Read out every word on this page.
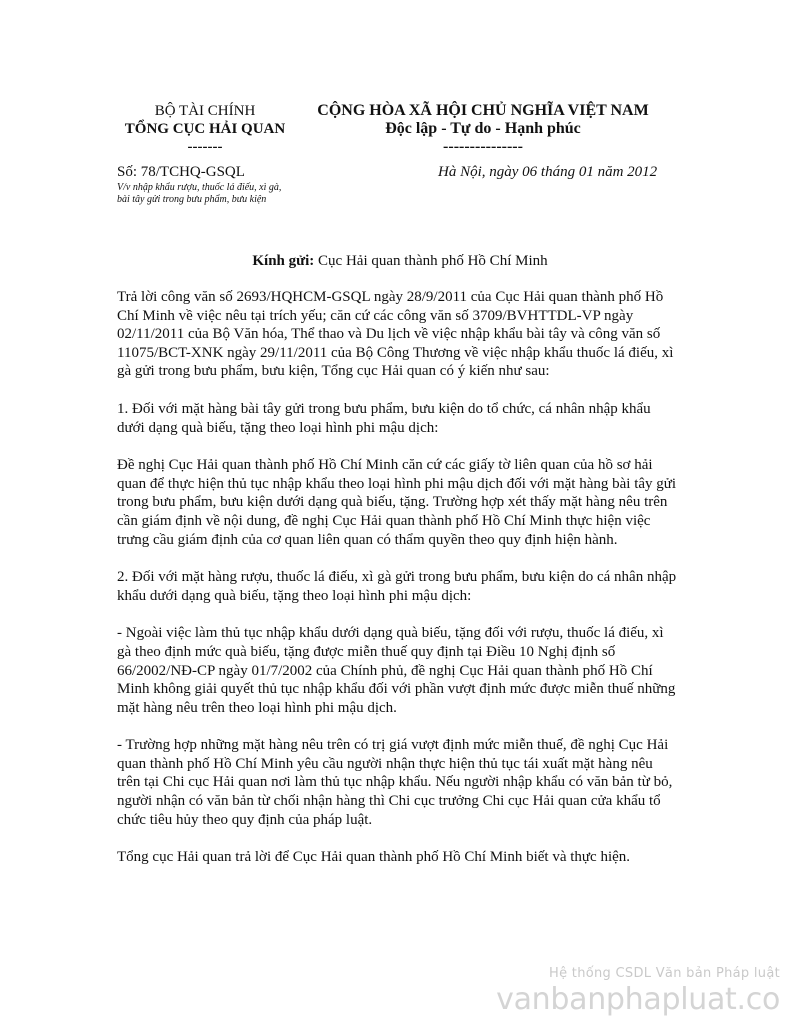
BỘ TÀI CHÍNH
TỔNG CỤC HẢI QUAN
-------
CỘNG HÒA XÃ HỘI CHỦ NGHĨA VIỆT NAM
Độc lập - Tự do - Hạnh phúc
---------------
Số: 78/TCHQ-GSQL
V/v nhập khẩu rượu, thuốc lá điếu, xì gà,
bài tây gửi trong bưu phẩm, bưu kiện
Hà Nội, ngày 06 tháng 01 năm 2012
Kính gửi: Cục Hải quan thành phố Hồ Chí Minh

Trả lời công văn số 2693/HQHCM-GSQL ngày 28/9/2011 của Cục Hải quan thành phố Hồ Chí Minh về việc nêu tại trích yếu; căn cứ các công văn số 3709/BVHTTDL-VP ngày 02/11/2011 của Bộ Văn hóa, Thể thao và Du lịch về việc nhập khẩu bài tây và công văn số 11075/BCT-XNK ngày 29/11/2011 của Bộ Công Thương về việc nhập khẩu thuốc lá điếu, xì gà gửi trong bưu phẩm, bưu kiện, Tổng cục Hải quan có ý kiến như sau:

1. Đối với mặt hàng bài tây gửi trong bưu phẩm, bưu kiện do tổ chức, cá nhân nhập khẩu dưới dạng quà biếu, tặng theo loại hình phi mậu dịch:

Đề nghị Cục Hải quan thành phố Hồ Chí Minh căn cứ các giấy tờ liên quan của hồ sơ hải quan để thực hiện thủ tục nhập khẩu theo loại hình phi mậu dịch đối với mặt hàng bài tây gửi trong bưu phẩm, bưu kiện dưới dạng quà biếu, tặng. Trường hợp xét thấy mặt hàng nêu trên cần giám định về nội dung, đề nghị Cục Hải quan thành phố Hồ Chí Minh thực hiện việc trưng cầu giám định của cơ quan liên quan có thẩm quyền theo quy định hiện hành.

2. Đối với mặt hàng rượu, thuốc lá điếu, xì gà gửi trong bưu phẩm, bưu kiện do cá nhân nhập khẩu dưới dạng quà biếu, tặng theo loại hình phi mậu dịch:

- Ngoài việc làm thủ tục nhập khẩu dưới dạng quà biếu, tặng đối với rượu, thuốc lá điếu, xì gà theo định mức quà biếu, tặng được miễn thuế quy định tại Điều 10 Nghị định số 66/2002/NĐ-CP ngày 01/7/2002 của Chính phủ, đề nghị Cục Hải quan thành phố Hồ Chí Minh không giải quyết thủ tục nhập khẩu đối với phần vượt định mức được miễn thuế những mặt hàng nêu trên theo loại hình phi mậu dịch.

- Trường hợp những mặt hàng nêu trên có trị giá vượt định mức miễn thuế, đề nghị Cục Hải quan thành phố Hồ Chí Minh yêu cầu người nhận thực hiện thủ tục tái xuất mặt hàng nêu trên tại Chi cục Hải quan nơi làm thủ tục nhập khẩu. Nếu người nhập khẩu có văn bản từ bỏ, người nhận có văn bản từ chối nhận hàng thì Chi cục trưởng Chi cục Hải quan cửa khẩu tổ chức tiêu hủy theo quy định của pháp luật.

Tổng cục Hải quan trả lời để Cục Hải quan thành phố Hồ Chí Minh biết và thực hiện.

Hệ thống CSDL Văn bản Pháp luật
vanbanphapluat.co
